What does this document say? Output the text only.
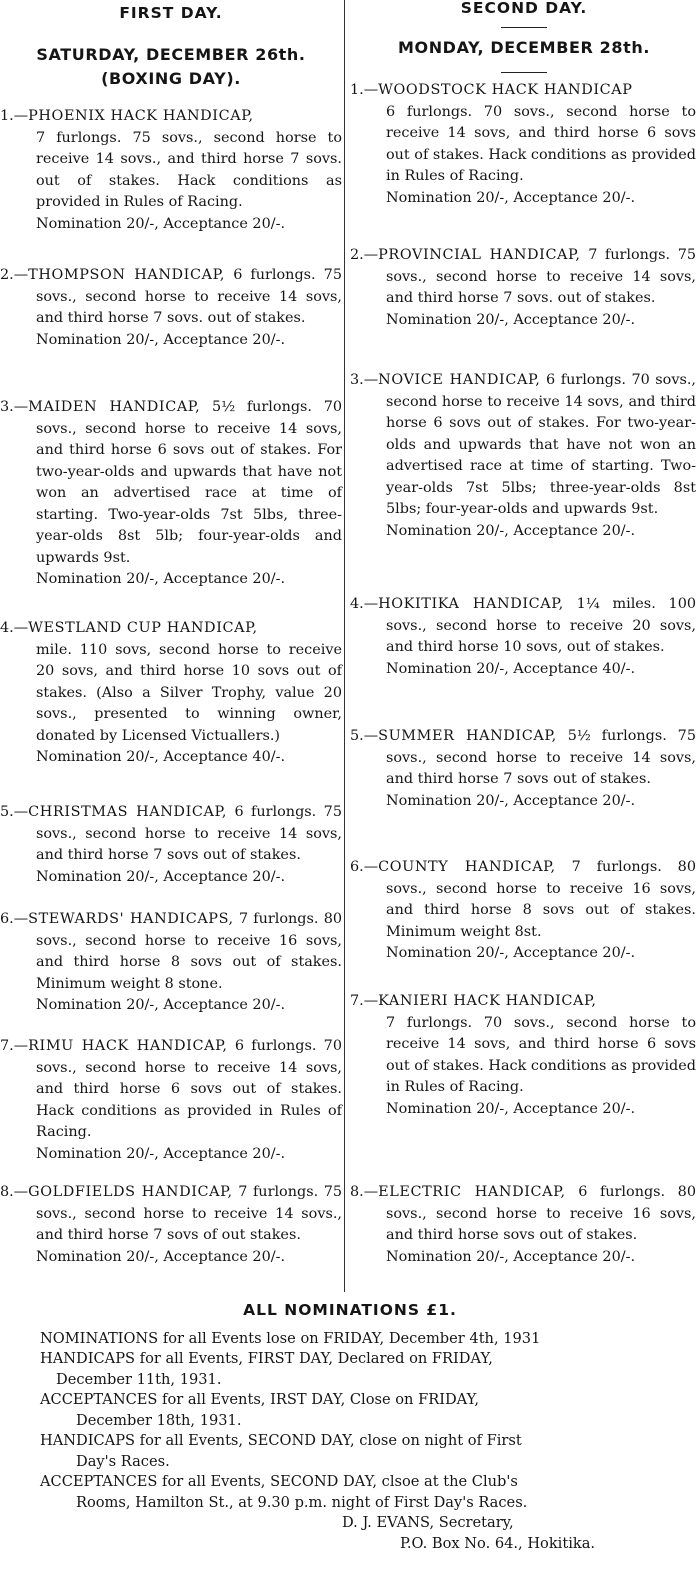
FIRST DAY.
SATURDAY, DECEMBER 26th.
(BOXING DAY).

1.—PHOENIX HACK HANDICAP,
7 furlongs. 75 sovs., second horse to receive 14 sovs., and third horse 7 sovs. out of stakes. Hack conditions as provided in Rules of Racing.

Nomination 20/-, Acceptance 20/-.

2.—THOMPSON HANDICAP, 6 furlongs. 75 sovs., second horse to receive 14 sovs, and third horse 7 sovs. out of stakes.

Nomination 20/-, Acceptance 20/-.

3.—MAIDEN HANDICAP, 5½ furlongs. 70 sovs., second horse to receive 14 sovs, and third horse 6 sovs out of stakes. For two-year-olds and upwards that have not won an advertised race at time of starting. Two-year-olds 7st 5lbs, three-year-olds 8st 5lb; four-year-olds and upwards 9st.

Nomination 20/-, Acceptance 20/-.

4.—WESTLAND CUP HANDICAP,
mile. 110 sovs, second horse to receive 20 sovs, and third horse 10 sovs out of stakes. (Also a Silver Trophy, value 20 sovs., presented to winning owner, donated by Licensed Victuallers.)

Nomination 20/-, Acceptance 40/-.

5.—CHRISTMAS HANDICAP, 6 furlongs. 75 sovs., second horse to receive 14 sovs, and third horse 7 sovs out of stakes.

Nomination 20/-, Acceptance 20/-.

6.—STEWARDS' HANDICAPS, 7 furlongs. 80 sovs., second horse to receive 16 sovs, and third horse 8 sovs out of stakes. Minimum weight 8 stone.

Nomination 20/-, Acceptance 20/-.

7.—RIMU HACK HANDICAP, 6 furlongs. 70 sovs., second horse to receive 14 sovs, and third horse 6 sovs out of stakes. Hack conditions as provided in Rules of Racing.

Nomination 20/-, Acceptance 20/-.

8.—GOLDFIELDS HANDICAP, 7 furlongs. 75 sovs., second horse to receive 14 sovs., and third horse 7 sovs of out stakes.

Nomination 20/-, Acceptance 20/-.

SECOND DAY.
MONDAY, DECEMBER 28th.

1.—WOODSTOCK HACK HANDICAP
6 furlongs. 70 sovs., second horse to receive 14 sovs, and third horse 6 sovs out of stakes. Hack conditions as provided in Rules of Racing.

Nomination 20/-, Acceptance 20/-.

2.—PROVINCIAL HANDICAP, 7 furlongs. 75 sovs., second horse to receive 14 sovs, and third horse 7 sovs. out of stakes.

Nomination 20/-, Acceptance 20/-.

3.—NOVICE HANDICAP, 6 furlongs. 70 sovs., second horse to receive 14 sovs, and third horse 6 sovs out of stakes. For two-year-olds and upwards that have not won an advertised race at time of starting. Two-year-olds 7st 5lbs; three-year-olds 8st 5lbs; four-year-olds and upwards 9st.

Nomination 20/-, Acceptance 20/-.

4.—HOKITIKA HANDICAP, 1¼ miles. 100 sovs., second horse to receive 20 sovs, and third horse 10 sovs, out of stakes.

Nomination 20/-, Acceptance 40/-.

5.—SUMMER HANDICAP, 5½ furlongs. 75 sovs., second horse to receive 14 sovs, and third horse 7 sovs out of stakes.

Nomination 20/-, Acceptance 20/-.

6.—COUNTY HANDICAP, 7 furlongs. 80 sovs., second horse to receive 16 sovs, and third horse 8 sovs out of stakes. Minimum weight 8st.

Nomination 20/-, Acceptance 20/-.

7.—KANIERI HACK HANDICAP,
7 furlongs. 70 sovs., second horse to receive 14 sovs, and third horse 6 sovs out of stakes. Hack conditions as provided in Rules of Racing.

Nomination 20/-, Acceptance 20/-.

8.—ELECTRIC HANDICAP, 6 furlongs. 80 sovs., second horse to receive 16 sovs, and third horse sovs out of stakes.

Nomination 20/-, Acceptance 20/-.

ALL NOMINATIONS £1.
NOMINATIONS for all Events lose on FRIDAY, December 4th, 1931
HANDICAPS for all Events, FIRST DAY, Declared on FRIDAY,
December 11th, 1931.
ACCEPTANCES for all Events, IRST DAY, Close on FRIDAY,
December 18th, 1931.
HANDICAPS for all Events, SECOND DAY, close on night of First
Day's Races.
ACCEPTANCES for all Events, SECOND DAY, clsoe at the Club's
Rooms, Hamilton St., at 9.30 p.m. night of First Day's Races.
D. J. EVANS, Secretary,
P.O. Box No. 64., Hokitika.
